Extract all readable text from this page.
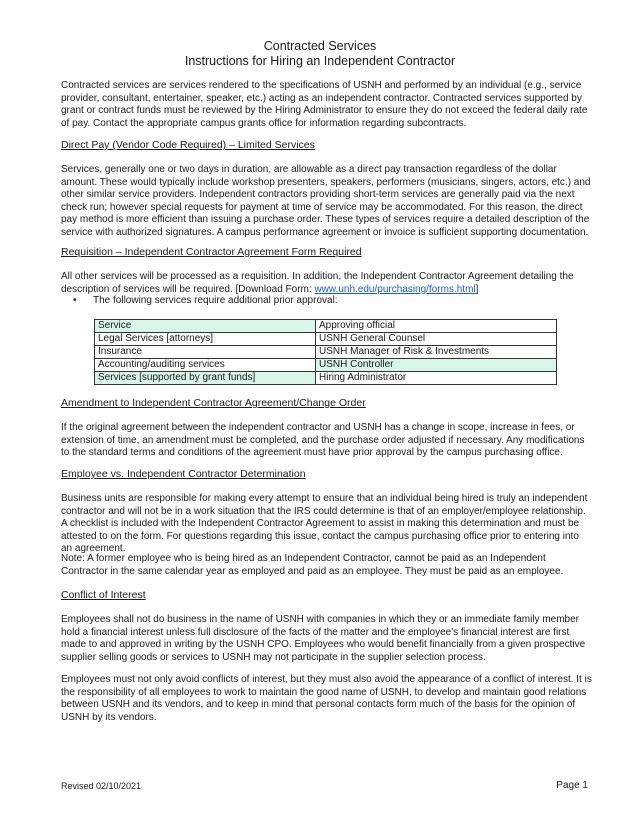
Contracted Services
Instructions for Hiring an Independent Contractor

Contracted services are services rendered to the specifications of USNH and performed by an individual (e.g., service provider, consultant, entertainer, speaker, etc.) acting as an independent contractor. Contracted services supported by grant or contract funds must be reviewed by the Hiring Administrator to ensure they do not exceed the federal daily rate of pay. Contact the appropriate campus grants office for information regarding subcontracts.

Direct Pay (Vendor Code Required) – Limited Services

Services, generally one or two days in duration, are allowable as a direct pay transaction regardless of the dollar amount. These would typically include workshop presenters, speakers, performers (musicians, singers, actors, etc.) and other similar service providers. Independent contractors providing short-term services are generally paid via the next check run; however special requests for payment at time of service may be accommodated. For this reason, the direct pay method is more efficient than issuing a purchase order. These types of services require a detailed description of the service with authorized signatures. A campus performance agreement or invoice is sufficient supporting documentation.

Requisition – Independent Contractor Agreement Form Required

All other services will be processed as a requisition. In addition, the Independent Contractor Agreement detailing the description of services will be required. [Download Form: www.unh.edu/purchasing/forms.html]

• The following services require additional prior approval:
Service	Approving official
Legal Services [attorneys]	USNH General Counsel
Insurance	USNH Manager of Risk & Investments
Accounting/auditing services	USNH Controller
Services [supported by grant funds]	Hiring Administrator

Amendment to Independent Contractor Agreement/Change Order

If the original agreement between the independent contractor and USNH has a change in scope, increase in fees, or extension of time, an amendment must be completed, and the purchase order adjusted if necessary. Any modifications to the standard terms and conditions of the agreement must have prior approval by the campus purchasing office.

Employee vs. Independent Contractor Determination

Business units are responsible for making every attempt to ensure that an individual being hired is truly an independent contractor and will not be in a work situation that the IRS could determine is that of an employer/employee relationship. A checklist is included with the Independent Contractor Agreement to assist in making this determination and must be attested to on the form. For questions regarding this issue, contact the campus purchasing office prior to entering into an agreement.

Note: A former employee who is being hired as an Independent Contractor, cannot be paid as an Independent Contractor in the same calendar year as employed and paid as an employee. They must be paid as an employee.

Conflict of Interest

Employees shall not do business in the name of USNH with companies in which they or an immediate family member hold a financial interest unless full disclosure of the facts of the matter and the employee's financial interest are first made to and approved in writing by the USNH CPO. Employees who would benefit financially from a given prospective supplier selling goods or services to USNH may not participate in the supplier selection process.

Employees must not only avoid conflicts of interest, but they must also avoid the appearance of a conflict of interest. It is the responsibility of all employees to work to maintain the good name of USNH, to develop and maintain good relations between USNH and its vendors, and to keep in mind that personal contacts form much of the basis for the opinion of USNH by its vendors.

Revised 02/10/2021	Page 1
